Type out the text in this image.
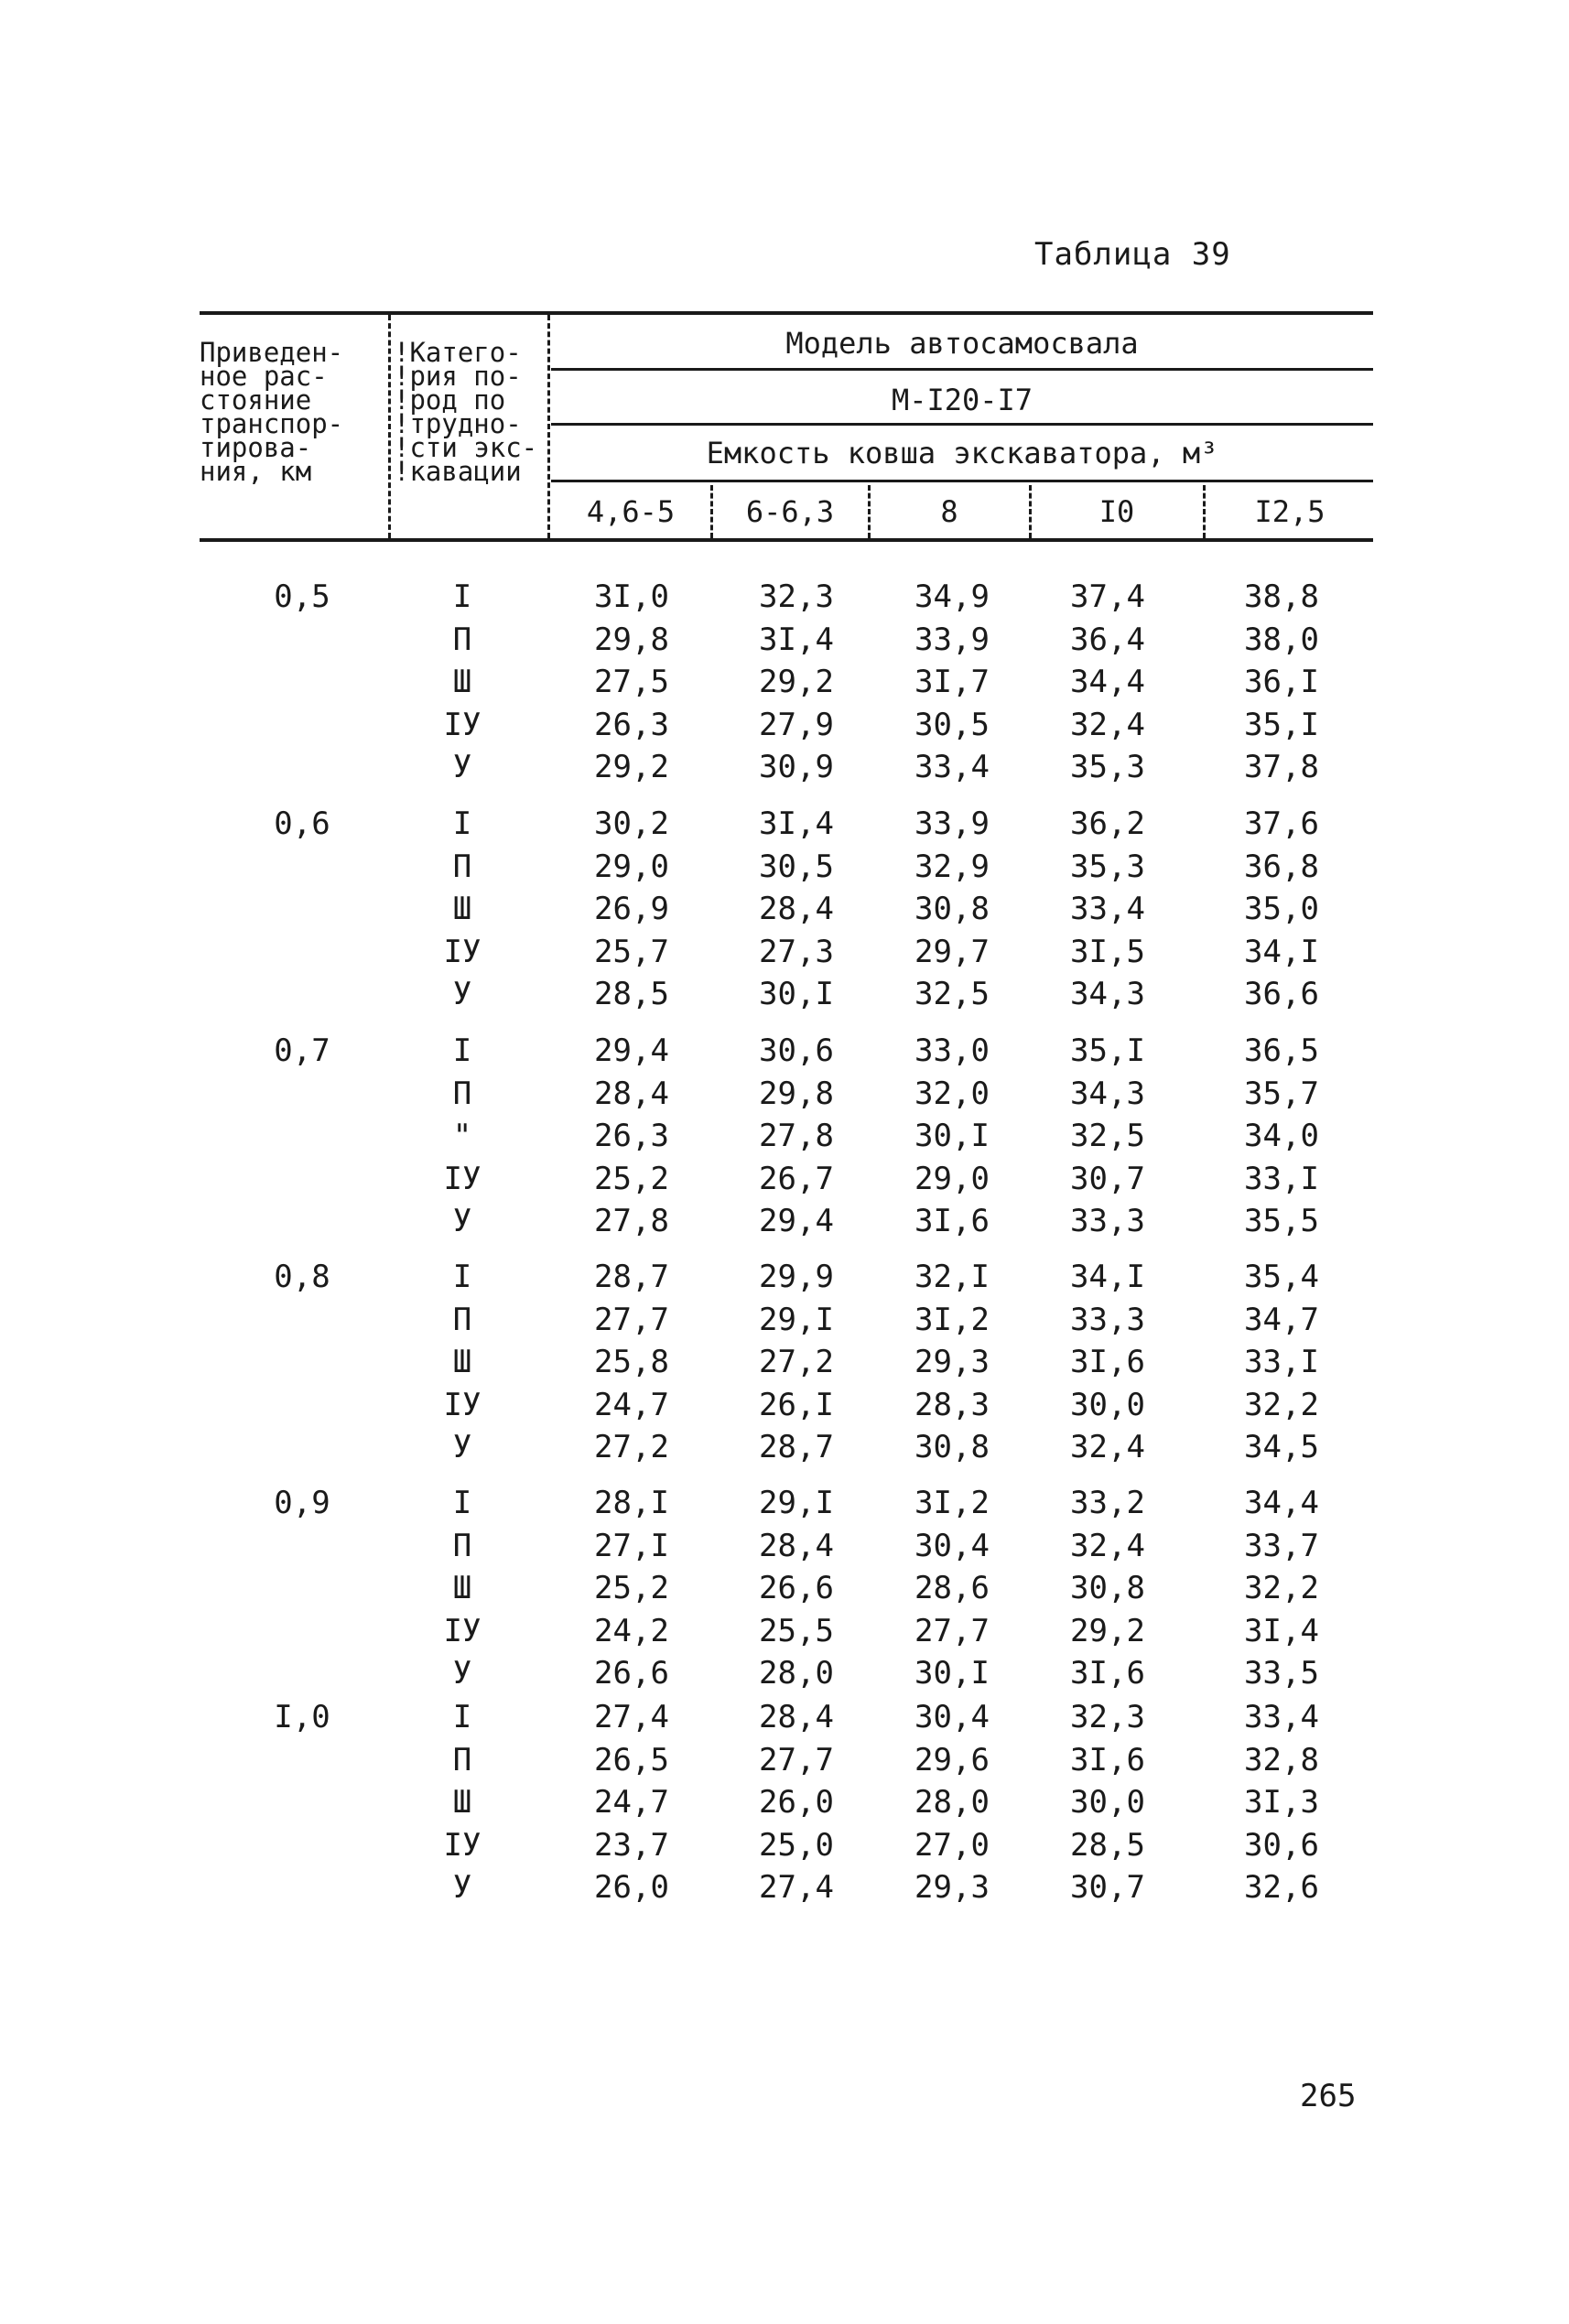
Таблица 39
Приведен-
ное рас-
стояние
транспор-
тирова-
ния, км
!Катего-
!рия по-
!род по
!трудно-
!сти экс-
!кавации
Модель автосамосвала
М-I20-I7
Емкость ковша экскаватора, м³
4,6-5	6-6,3	8	I0	I2,5
0,5	I	3I,0	32,3	34,9	37,4	38,8
П	29,8	3I,4	33,9	36,4	38,0
Ш	27,5	29,2	3I,7	34,4	36,I
IУ	26,3	27,9	30,5	32,4	35,I
У	29,2	30,9	33,4	35,3	37,8
0,6	I	30,2	3I,4	33,9	36,2	37,6
П	29,0	30,5	32,9	35,3	36,8
Ш	26,9	28,4	30,8	33,4	35,0
IУ	25,7	27,3	29,7	3I,5	34,I
У	28,5	30,I	32,5	34,3	36,6
0,7	I	29,4	30,6	33,0	35,I	36,5
П	28,4	29,8	32,0	34,3	35,7
"	26,3	27,8	30,I	32,5	34,0
IУ	25,2	26,7	29,0	30,7	33,I
У	27,8	29,4	3I,6	33,3	35,5
0,8	I	28,7	29,9	32,I	34,I	35,4
П	27,7	29,I	3I,2	33,3	34,7
Ш	25,8	27,2	29,3	3I,6	33,I
IУ	24,7	26,I	28,3	30,0	32,2
У	27,2	28,7	30,8	32,4	34,5
0,9	I	28,I	29,I	3I,2	33,2	34,4
П	27,I	28,4	30,4	32,4	33,7
Ш	25,2	26,6	28,6	30,8	32,2
IУ	24,2	25,5	27,7	29,2	3I,4
У	26,6	28,0	30,I	3I,6	33,5
I,0	I	27,4	28,4	30,4	32,3	33,4
П	26,5	27,7	29,6	3I,6	32,8
Ш	24,7	26,0	28,0	30,0	3I,3
IУ	23,7	25,0	27,0	28,5	30,6
У	26,0	27,4	29,3	30,7	32,6
265
